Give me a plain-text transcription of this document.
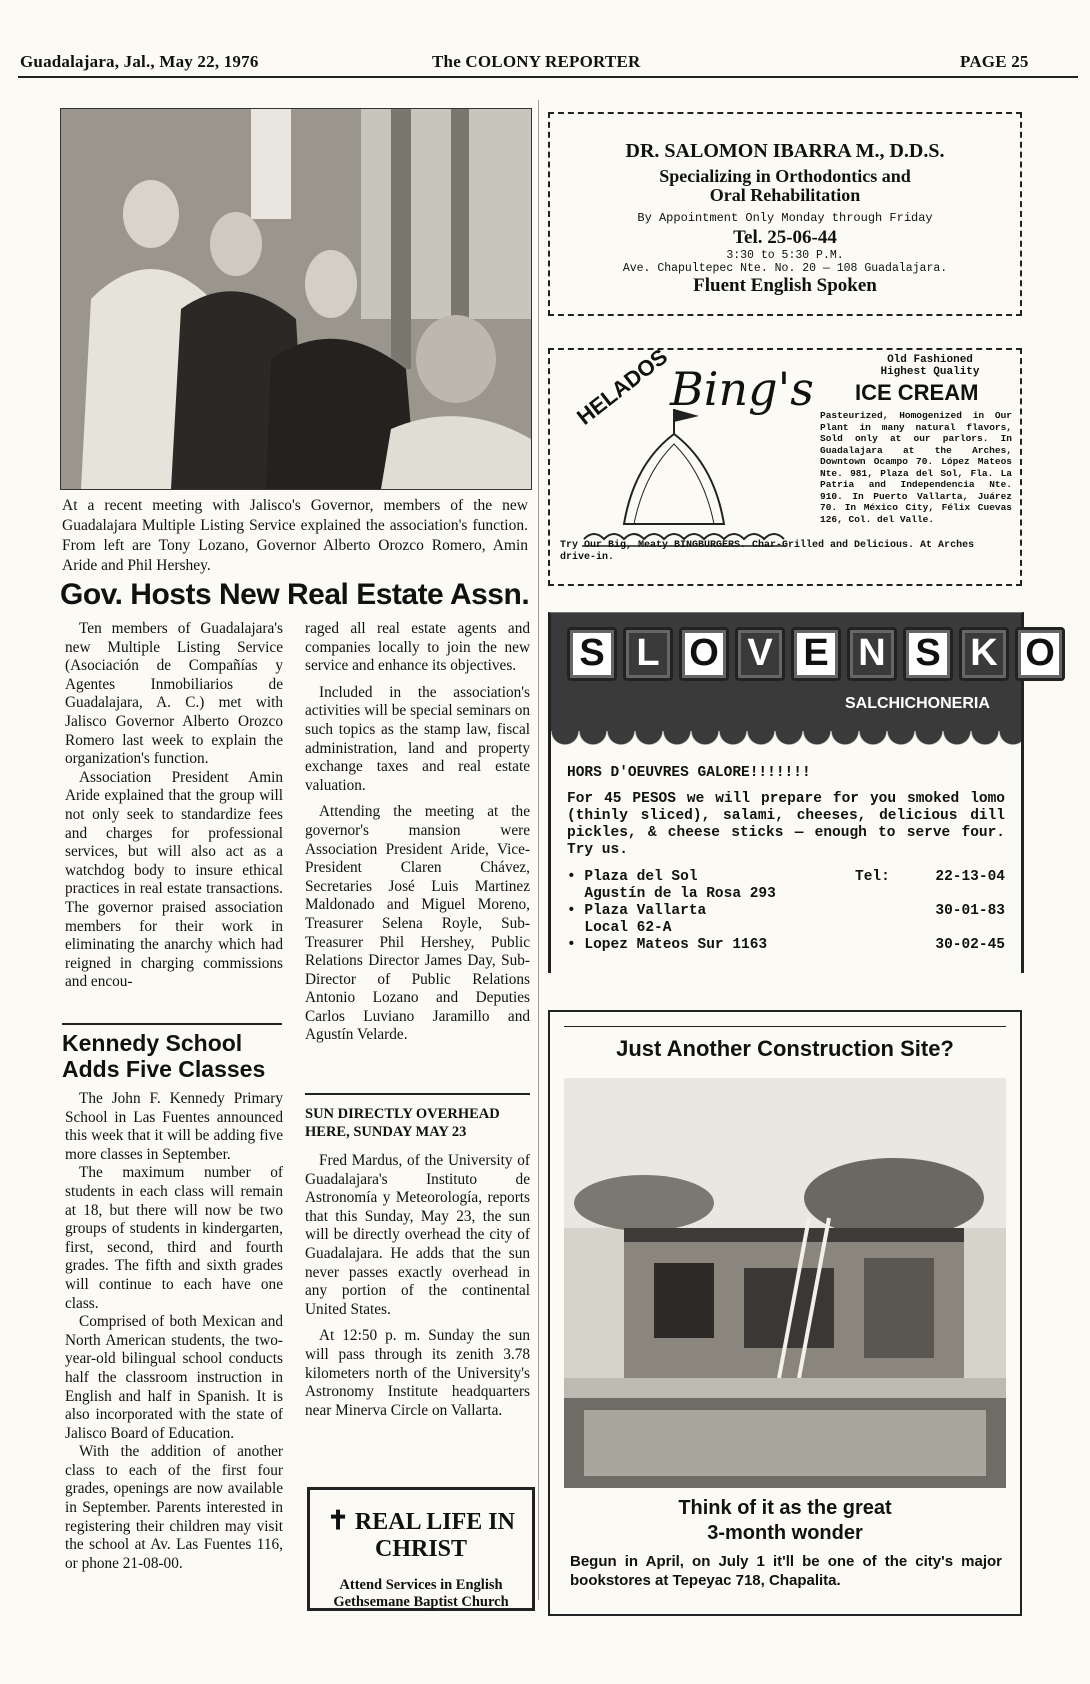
Guadalajara, Jal., May 22, 1976	The COLONY REPORTER	PAGE 25
At a recent meeting with Jalisco's Governor, members of the new Guadalajara Multiple Listing Service explained the association's function. From left are Tony Lozano, Governor Alberto Orozco Romero, Amin Aride and Phil Hershey.
Gov. Hosts New Real Estate Assn.

Ten members of Guadalajara's new Multiple Listing Service (Asociación de Compañías y Agentes Inmobiliarios de Guadalajara, A. C.) met with Jalisco Governor Alberto Orozco Romero last week to explain the organization's function.

Association President Amin Aride explained that the group will not only seek to standardize fees and charges for professional services, but will also act as a watchdog body to insure ethical practices in real estate transactions. The governor praised association members for their work in eliminating the anarchy which had reigned in charging commissions and encou-

raged all real estate agents and companies locally to join the new service and enhance its objectives.

Included in the association's activities will be special seminars on such topics as the stamp law, fiscal administration, land and property exchange taxes and real estate valuation.

Attending the meeting at the governor's mansion were Association President Aride, Vice-President Claren Chávez, Secretaries José Luis Martinez Maldonado and Miguel Moreno, Treasurer Selena Royle, Sub-Treasurer Phil Hershey, Public Relations Director James Day, Sub-Director of Public Relations Antonio Lozano and Deputies Carlos Luviano Jaramillo and Agustín Velarde.

Kennedy School
Adds Five Classes

The John F. Kennedy Primary School in Las Fuentes announced this week that it will be adding five more classes in September.

The maximum number of students in each class will remain at 18, but there will now be two groups of students in kindergarten, first, second, third and fourth grades. The fifth and sixth grades will continue to each have one class.

Comprised of both Mexican and North American students, the two-year-old bilingual school conducts half the classroom instruction in English and half in Spanish. It is also incorporated with the state of Jalisco Board of Education.

With the addition of another class to each of the first four grades, openings are now available in September. Parents interested in registering their children may visit the school at Av. Las Fuentes 116, or phone 21-08-00.

SUN DIRECTLY OVERHEAD
HERE, SUNDAY MAY 23

Fred Mardus, of the University of Guadalajara's Instituto de Astronomía y Meteorología, reports that this Sunday, May 23, the sun will be directly overhead the city of Guadalajara. He adds that the sun never passes exactly overhead in any portion of the continental United States.

At 12:50 p. m. Sunday the sun will pass through its zenith 3.78 kilometers north of the University's Astronomy Institute headquarters near Minerva Circle on Vallarta.

✝ REAL LIFE IN CHRIST
Attend Services in English
Gethsemane Baptist Church
DR. SALOMON IBARRA M., D.D.S.
Specializing in Orthodontics and
Oral Rehabilitation
By Appointment Only Monday through Friday
Tel. 25-06-44
3:30 to 5:30 P.M.
Ave. Chapultepec Nte. No. 20 — 108 Guadalajara.
Fluent English Spoken
HELADOS
Bing's
Old Fashioned
Highest Quality
ICE CREAM
Pasteurized, Homogenized in Our Plant in many natural flavors, Sold only at our parlors. In Guadalajara at the Arches, Downtown Ocampo 70. López Mateos Nte. 981, Plaza del Sol, Fla. La Patria and Independencia Nte. 910. In Puerto Vallarta, Juárez 70. In México City, Félix Cuevas 126, Col. del Valle.
Try Our Big, Meaty BINGBURGERS. Char-Grilled and Delicious. At Arches drive-in.
S L O V E N S K O
SALCHICHONERIA
HORS D'OEUVRES GALORE!!!!!!!
For 45 PESOS we will prepare for you smoked lomo (thinly sliced), salami, cheeses, delicious dill pickles, & cheese sticks — enough to serve four. Try us.
• Plaza del Sol	Tel:	22-13-04
Agustín de la Rosa 293		
• Plaza Vallarta		30-01-83
Local 62-A		
• Lopez Mateos Sur 1163		30-02-45
Just Another Construction Site?
Think of it as the great
3-month wonder
Begun in April, on July 1 it'll be one of the city's major bookstores at Tepeyac 718, Chapalita.
